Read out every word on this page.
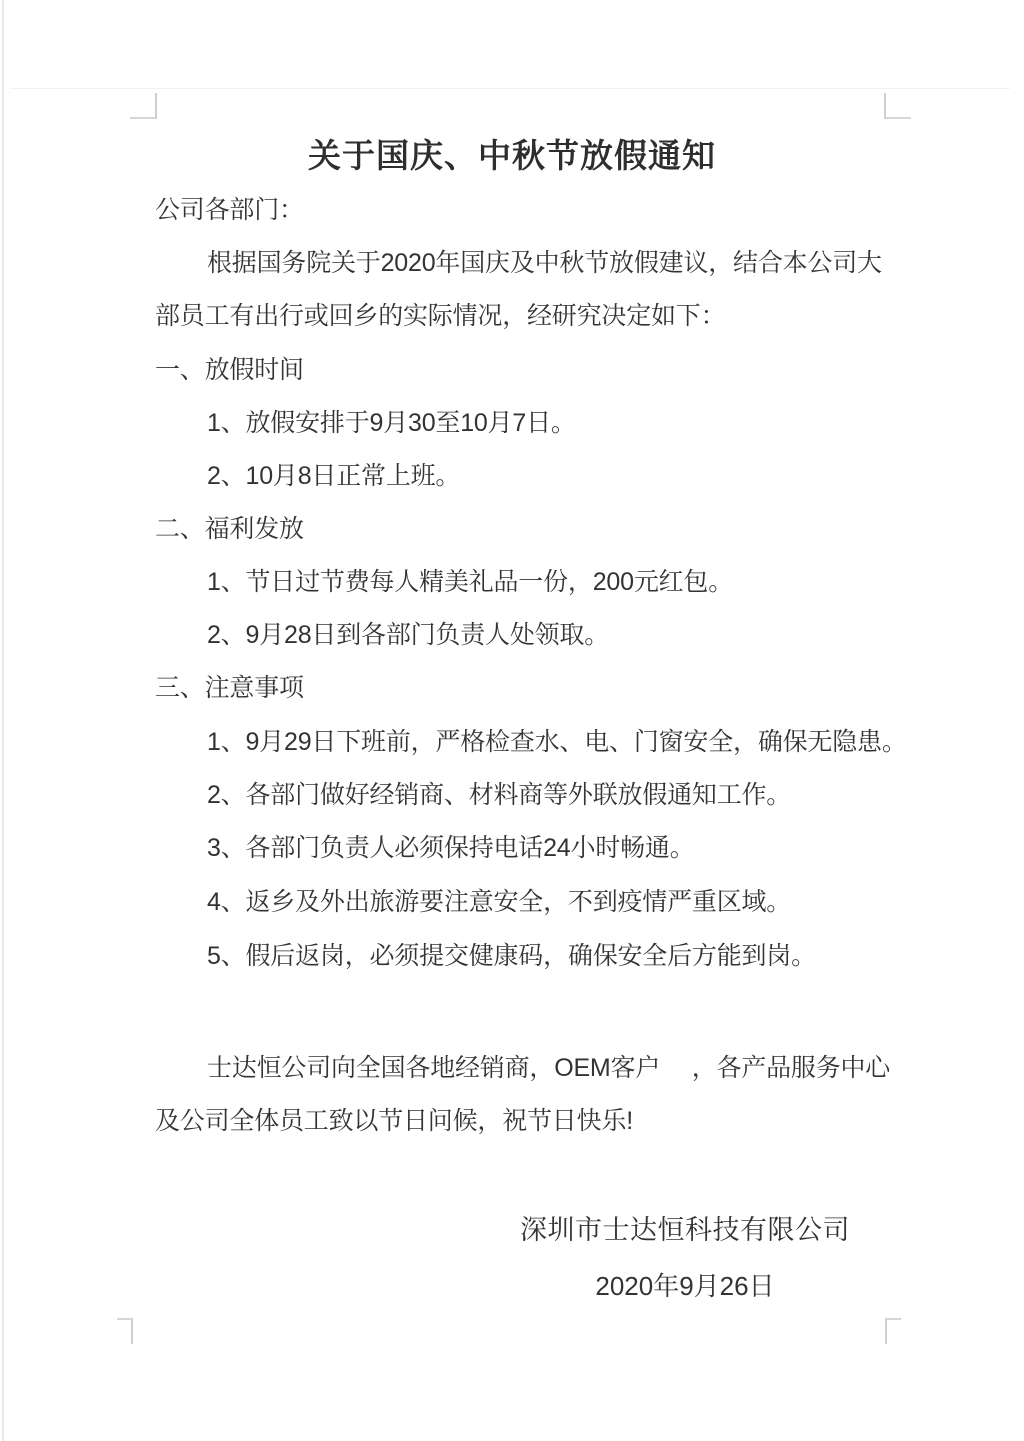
关于国庆、中秋节放假通知
公司各部门：
根据国务院关于2020年国庆及中秋节放假建议，结合本公司大
部员工有出行或回乡的实际情况，经研究决定如下：
一、放假时间
1、放假安排于9月30至10月7日。
2、10月8日正常上班。
二、福利发放
1、节日过节费每人精美礼品一份，200元红包。
2、9月28日到各部门负责人处领取。
三、注意事项
1、9月29日下班前，严格检查水、电、门窗安全，确保无隐患。
2、各部门做好经销商、材料商等外联放假通知工作。
3、各部门负责人必须保持电话24小时畅通。
4、返乡及外出旅游要注意安全，不到疫情严重区域。
5、假后返岗，必须提交健康码，确保安全后方能到岗。
士达恒公司向全国各地经销商，OEM客户　 ，各产品服务中心
及公司全体员工致以节日问候，祝节日快乐!
深圳市士达恒科技有限公司
2020年9月26日
